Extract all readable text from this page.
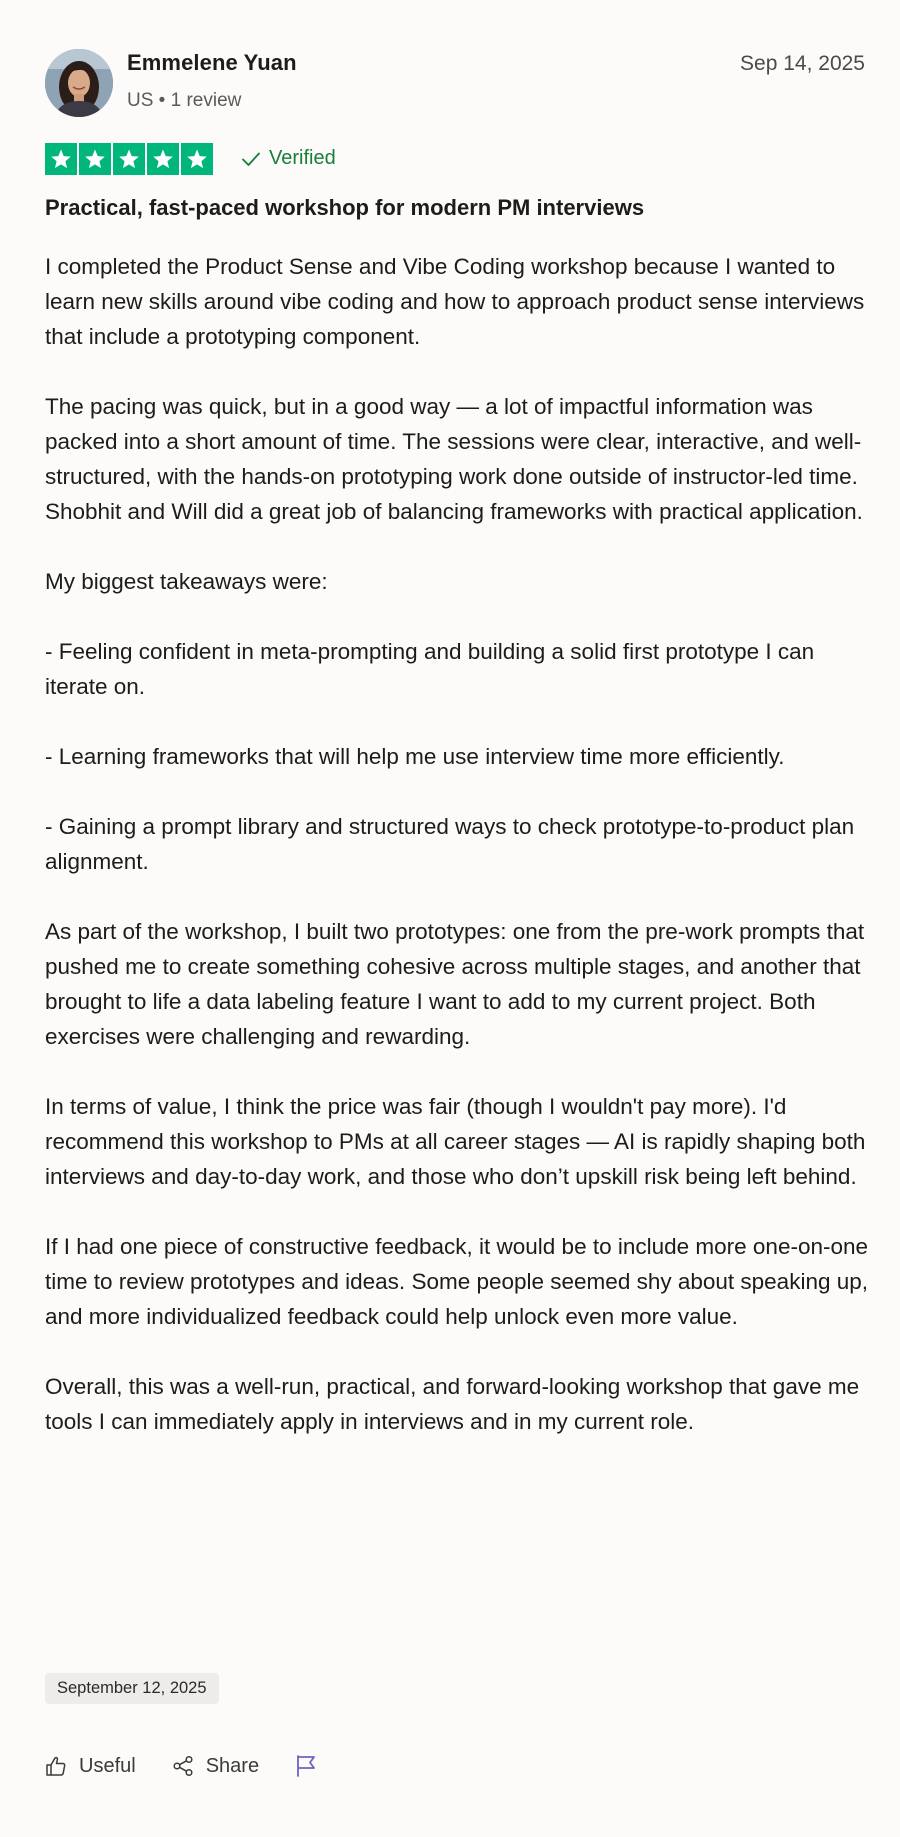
Emmelene Yuan
US • 1 review
Sep 14, 2025
Verified
Practical, fast-paced workshop for modern PM interviews

I completed the Product Sense and Vibe Coding workshop because I wanted to learn new skills around vibe coding and how to approach product sense interviews that include a prototyping component.

The pacing was quick, but in a good way — a lot of impactful information was packed into a short amount of time. The sessions were clear, interactive, and well-structured, with the hands-on prototyping work done outside of instructor-led time. Shobhit and Will did a great job of balancing frameworks with practical application.

My biggest takeaways were:

- Feeling confident in meta-prompting and building a solid first prototype I can iterate on.

- Learning frameworks that will help me use interview time more efficiently.

- Gaining a prompt library and structured ways to check prototype-to-product plan alignment.

As part of the workshop, I built two prototypes: one from the pre-work prompts that pushed me to create something cohesive across multiple stages, and another that brought to life a data labeling feature I want to add to my current project. Both exercises were challenging and rewarding.

In terms of value, I think the price was fair (though I wouldn't pay more). I'd recommend this workshop to PMs at all career stages — AI is rapidly shaping both interviews and day-to-day work, and those who don’t upskill risk being left behind.

If I had one piece of constructive feedback, it would be to include more one-on-one time to review prototypes and ideas. Some people seemed shy about speaking up, and more individualized feedback could help unlock even more value.

Overall, this was a well-run, practical, and forward-looking workshop that gave me tools I can immediately apply in interviews and in my current role.

September 12, 2025
Useful	Share
